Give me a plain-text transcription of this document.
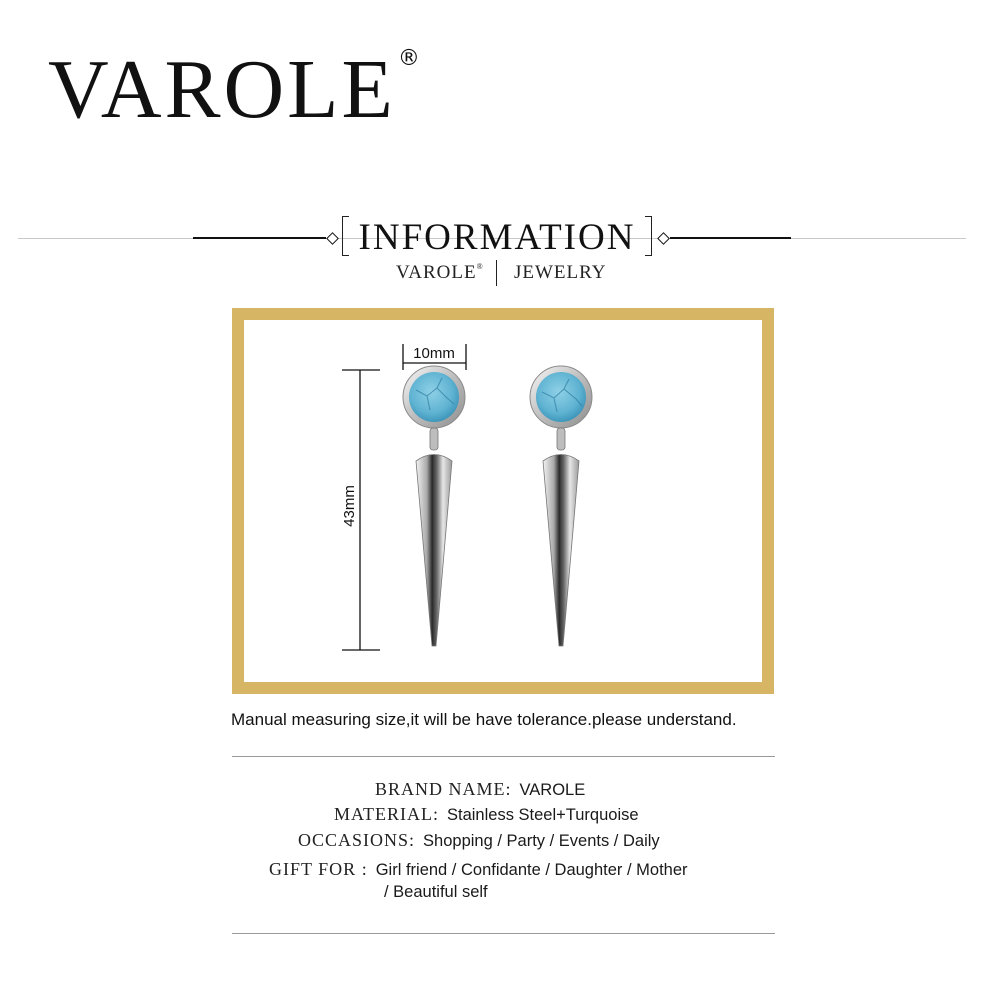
VAROLE®
INFORMATION
VAROLE® JEWELRY
10mm
43mm
Manual measuring size,it will be have tolerance.please understand.
BRAND NAME: VAROLE
MATERIAL: Stainless Steel+Turquoise
OCCASIONS: Shopping / Party / Events / Daily
GIFT FOR : Girl friend / Confidante / Daughter / Mother
/ Beautiful self
